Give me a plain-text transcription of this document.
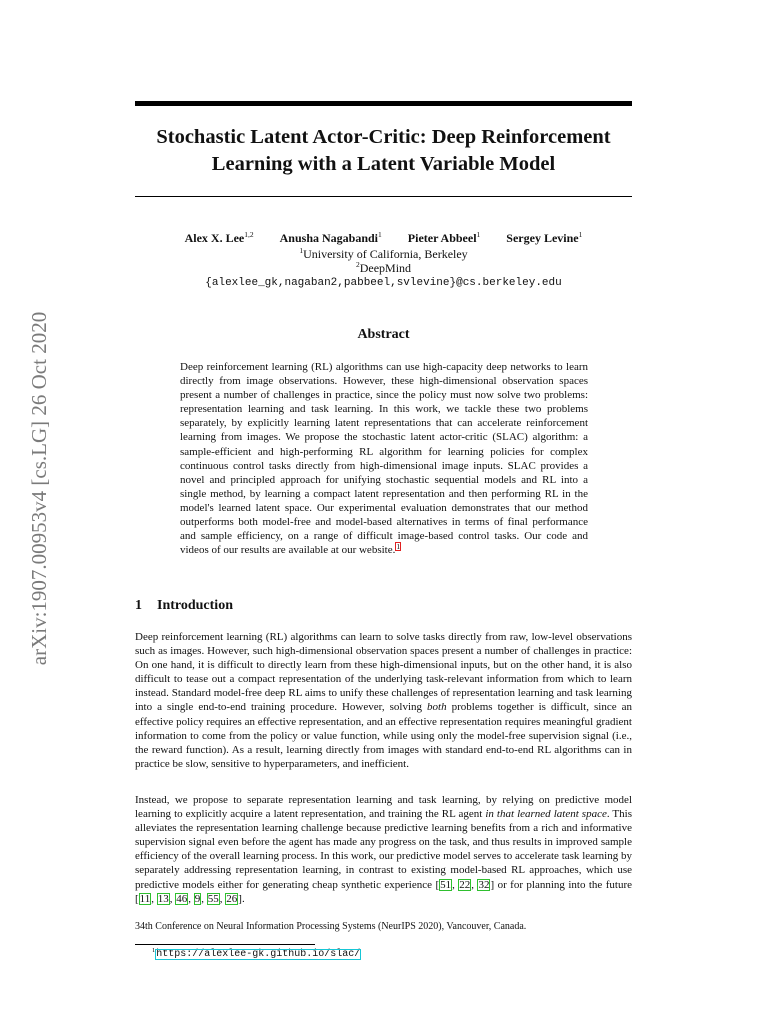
Stochastic Latent Actor-Critic: Deep Reinforcement
Learning with a Latent Variable Model
arXiv:1907.00953v4 [cs.LG] 26 Oct 2020
Alex X. Lee$^{1,2}$ Anusha Nagabandi$^1$ Pieter Abbeel$^1$ Sergey Levine$^1$
$^1$University of California, Berkeley
$^2$DeepMind
{alexlee_gk,nagaban2,pabbeel,svlevine}@cs.berkeley.edu
Abstract

Deep reinforcement learning (RL) algorithms can use high-capacity deep networks to learn directly from image observations. However, these high-dimensional observation spaces present a number of challenges in practice, since the policy must now solve two problems: representation learning and task learning. In this work, we tackle these two problems separately, by explicitly learning latent representations that can accelerate reinforcement learning from images. We propose the stochastic latent actor-critic (SLAC) algorithm: a sample-efficient and high-performing RL algorithm for learning policies for complex continuous control tasks directly from high-dimensional image inputs. SLAC provides a novel and principled approach for unifying stochastic sequential models and RL into a single method, by learning a compact latent representation and then performing RL in the model's learned latent space. Our experimental evaluation demonstrates that our method outperforms both model-free and model-based alternatives in terms of final performance and sample efficiency, on a range of difficult image-based control tasks. Our code and videos of our results are available at our website.$^1$

1 Introduction

Deep reinforcement learning (RL) algorithms can learn to solve tasks directly from raw, low-level observations such as images. However, such high-dimensional observation spaces present a number of challenges in practice: On one hand, it is difficult to directly learn from these high-dimensional inputs, but on the other hand, it is also difficult to tease out a compact representation of the underlying task-relevant information from which to learn instead. Standard model-free deep RL aims to unify these challenges of representation learning and task learning into a single end-to-end training procedure. However, solving both problems together is difficult, since an effective policy requires an effective representation, and an effective representation requires meaningful gradient information to come from the policy or value function, while using only the model-free supervision signal (i.e., the reward function). As a result, learning directly from images with standard end-to-end RL algorithms can in practice be slow, sensitive to hyperparameters, and inefficient.

Instead, we propose to separate representation learning and task learning, by relying on predictive model learning to explicitly acquire a latent representation, and training the RL agent in that learned latent space. This alleviates the representation learning challenge because predictive learning benefits from a rich and informative supervision signal even before the agent has made any progress on the task, and thus results in improved sample efficiency of the overall learning process. In this work, our predictive model serves to accelerate task learning by separately addressing representation learning, in contrast to existing model-based RL approaches, which use predictive models either for generating cheap synthetic experience [51, 22, 32] or for planning into the future [11, 13, 46, 9, 55, 26].

34th Conference on Neural Information Processing Systems (NeurIPS 2020), Vancouver, Canada.
$^1$https://alexlee-gk.github.io/slac/
